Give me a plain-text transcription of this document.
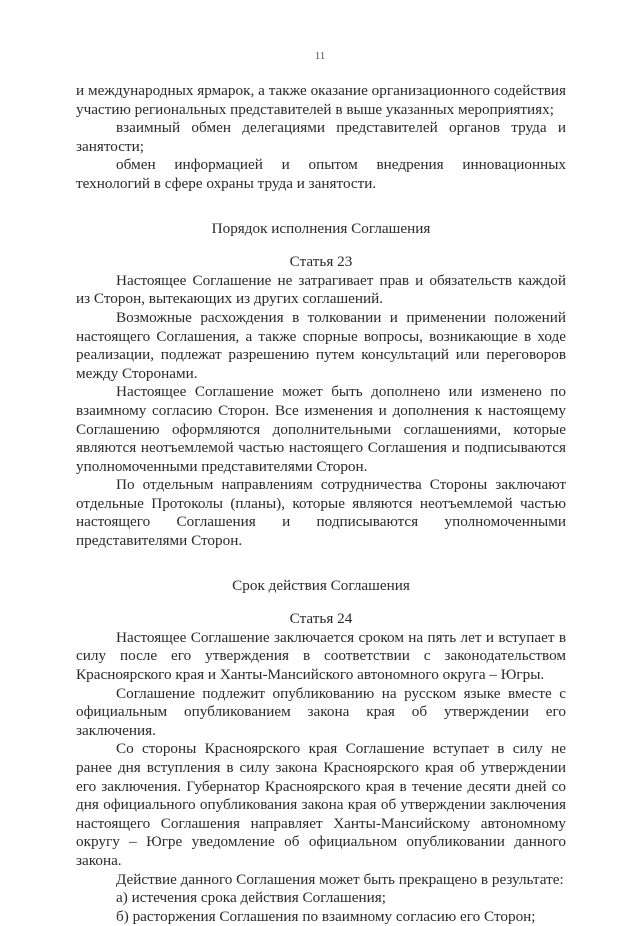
11

и международных ярмарок, а также оказание организационного содействия участию региональных представителей в выше указанных мероприятиях;

взаимный обмен делегациями представителей органов труда и занятости;

обмен информацией и опытом внедрения инновационных технологий в сфере охраны труда и занятости.

Порядок исполнения Соглашения
Статья 23

Настоящее Соглашение не затрагивает прав и обязательств каждой из Сторон, вытекающих из других соглашений.

Возможные расхождения в толковании и применении положений настоящего Соглашения, а также спорные вопросы, возникающие в ходе реализации, подлежат разрешению путем консультаций или переговоров между Сторонами.

Настоящее Соглашение может быть дополнено или изменено по взаимному согласию Сторон. Все изменения и дополнения к настоящему Соглашению оформляются дополнительными соглашениями, которые являются неотъемлемой частью настоящего Соглашения и подписываются уполномоченными представителями Сторон.

По отдельным направлениям сотрудничества Стороны заключают отдельные Протоколы (планы), которые являются неотъемлемой частью настоящего Соглашения и подписываются уполномоченными представителями Сторон.

Срок действия Соглашения
Статья 24

Настоящее Соглашение заключается сроком на пять лет и вступает в силу после его утверждения в соответствии с законодательством Красноярского края и Ханты-Мансийского автономного округа – Югры.

Соглашение подлежит опубликованию на русском языке вместе с официальным опубликованием закона края об утверждении его заключения.

Со стороны Красноярского края Соглашение вступает в силу не ранее дня вступления в силу закона Красноярского края об утверждении его заключения. Губернатор Красноярского края в течение десяти дней со дня официального опубликования закона края об утверждении заключения настоящего Соглашения направляет Ханты-Мансийскому автономному округу – Югре уведомление об официальном опубликовании данного закона.

Действие данного Соглашения может быть прекращено в результате:

а) истечения срока действия Соглашения;

б) расторжения Соглашения по взаимному согласию его Сторон;
